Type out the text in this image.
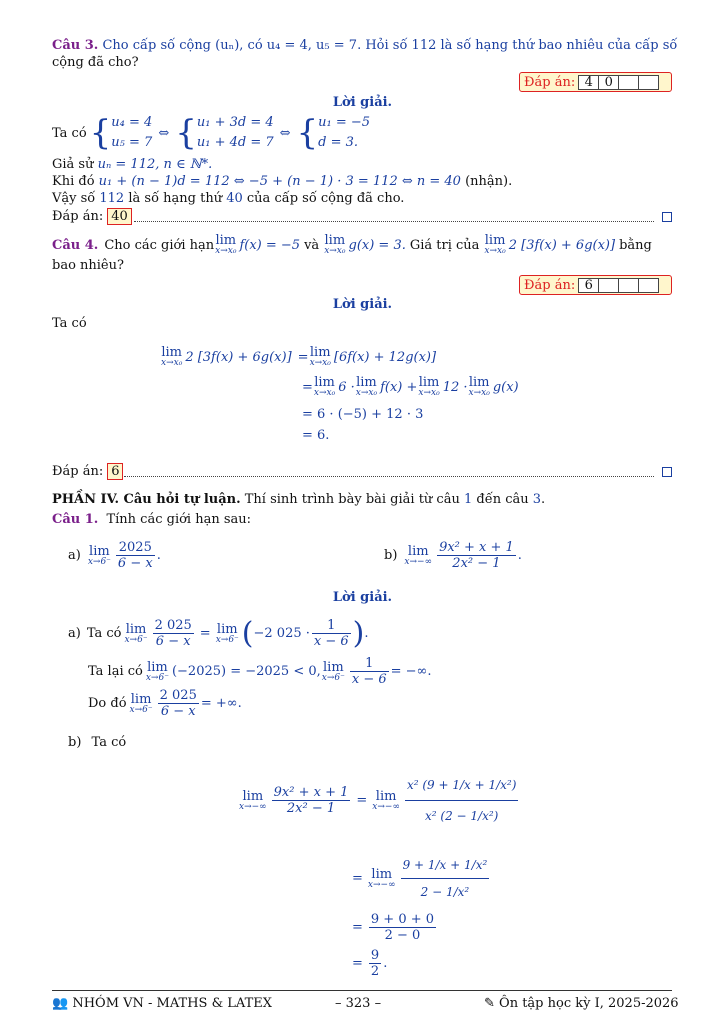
Câu 3. Cho cấp số cộng (uₙ), có u₄ = 4, u₅ = 7. Hỏi số 112 là số hạng thứ bao nhiêu của cấp số
cộng đã cho?
Đáp án: 4 0
Lời giải.
Ta có { u₄ = 4
u₅ = 7
⇔ { u₁ + 3d = 4
u₁ + 4d = 7
⇔ { u₁ = −5
d = 3.
Giả sử uₙ = 112, n ∈ ℕ*.
Khi đó u₁ + (n − 1)d = 112 ⇔ −5 + (n − 1) · 3 = 112 ⇔ n = 40 (nhận).
Vậy số 112 là số hạng thứ 40 của cấp số cộng đã cho.
Đáp án: 40
Câu 4. Cho các giới hạn lim
x→x₀ f(x) = −5 và lim
x→x₀ g(x) = 3. Giá trị của lim
x→x₀ 2 [3f(x) + 6g(x)] bằng
bao nhiêu?
Đáp án: 6
Lời giải.
Ta có
lim
x→x₀ 2 [3f(x) + 6g(x)] = lim
x→x₀ [6f(x) + 12g(x)]
= lim
x→x₀ 6 · lim
x→x₀ f(x) + lim
x→x₀ 12 · lim
x→x₀ g(x)
= 6 · (−5) + 12 · 3
= 6.
Đáp án: 6
PHẦN IV. Câu hỏi tự luận. Thí sinh trình bày bài giải từ câu 1 đến câu 3.
Câu 1. Tính các giới hạn sau:
a) lim
$x\to 6^- \frac{2025}{6 - x}$ .	b) lim
$x\to-\infty \frac{\text{9x² + x + 1}}{\text{2x² − 1}}$ .
Lời giải.
a) Ta có lim
$x\to 6^- \frac{2 025}{6 - x} = \lim$
x→6⁻ ( −2 $025 \cdot \frac{1}{x - 6}$ ) .
Ta lại có lim
x→6⁻ (−2025) = −2025 < 0, lim
$x\to 6^- \frac{1}{x - 6}$ = −∞.
Do đó lim
$x\to 6^- \frac{2 025}{6 - x}$ = +∞.
b) Ta có
lim
$x\to-\infty \frac{\text{9x² + x + 1}}{\text{2x² − 1}} = \lim$
$x\to-\infty \frac{\text{x² (9 + 1/x + 1/x²)}}{\text{x² (2 − 1/x²)}}$
= lim
$x\to-\infty \frac{\text{9 + 1/x + 1/x²}}{\text{2 − 1/x²}}$
= $\frac{9 + 0 + 0}{2 - 0}$
= $\frac{9}{2}$ .
👥 NHÓM VN - MATHS & LATEX	– 323 –	✎ Ôn tập học kỳ I, 2025-2026
